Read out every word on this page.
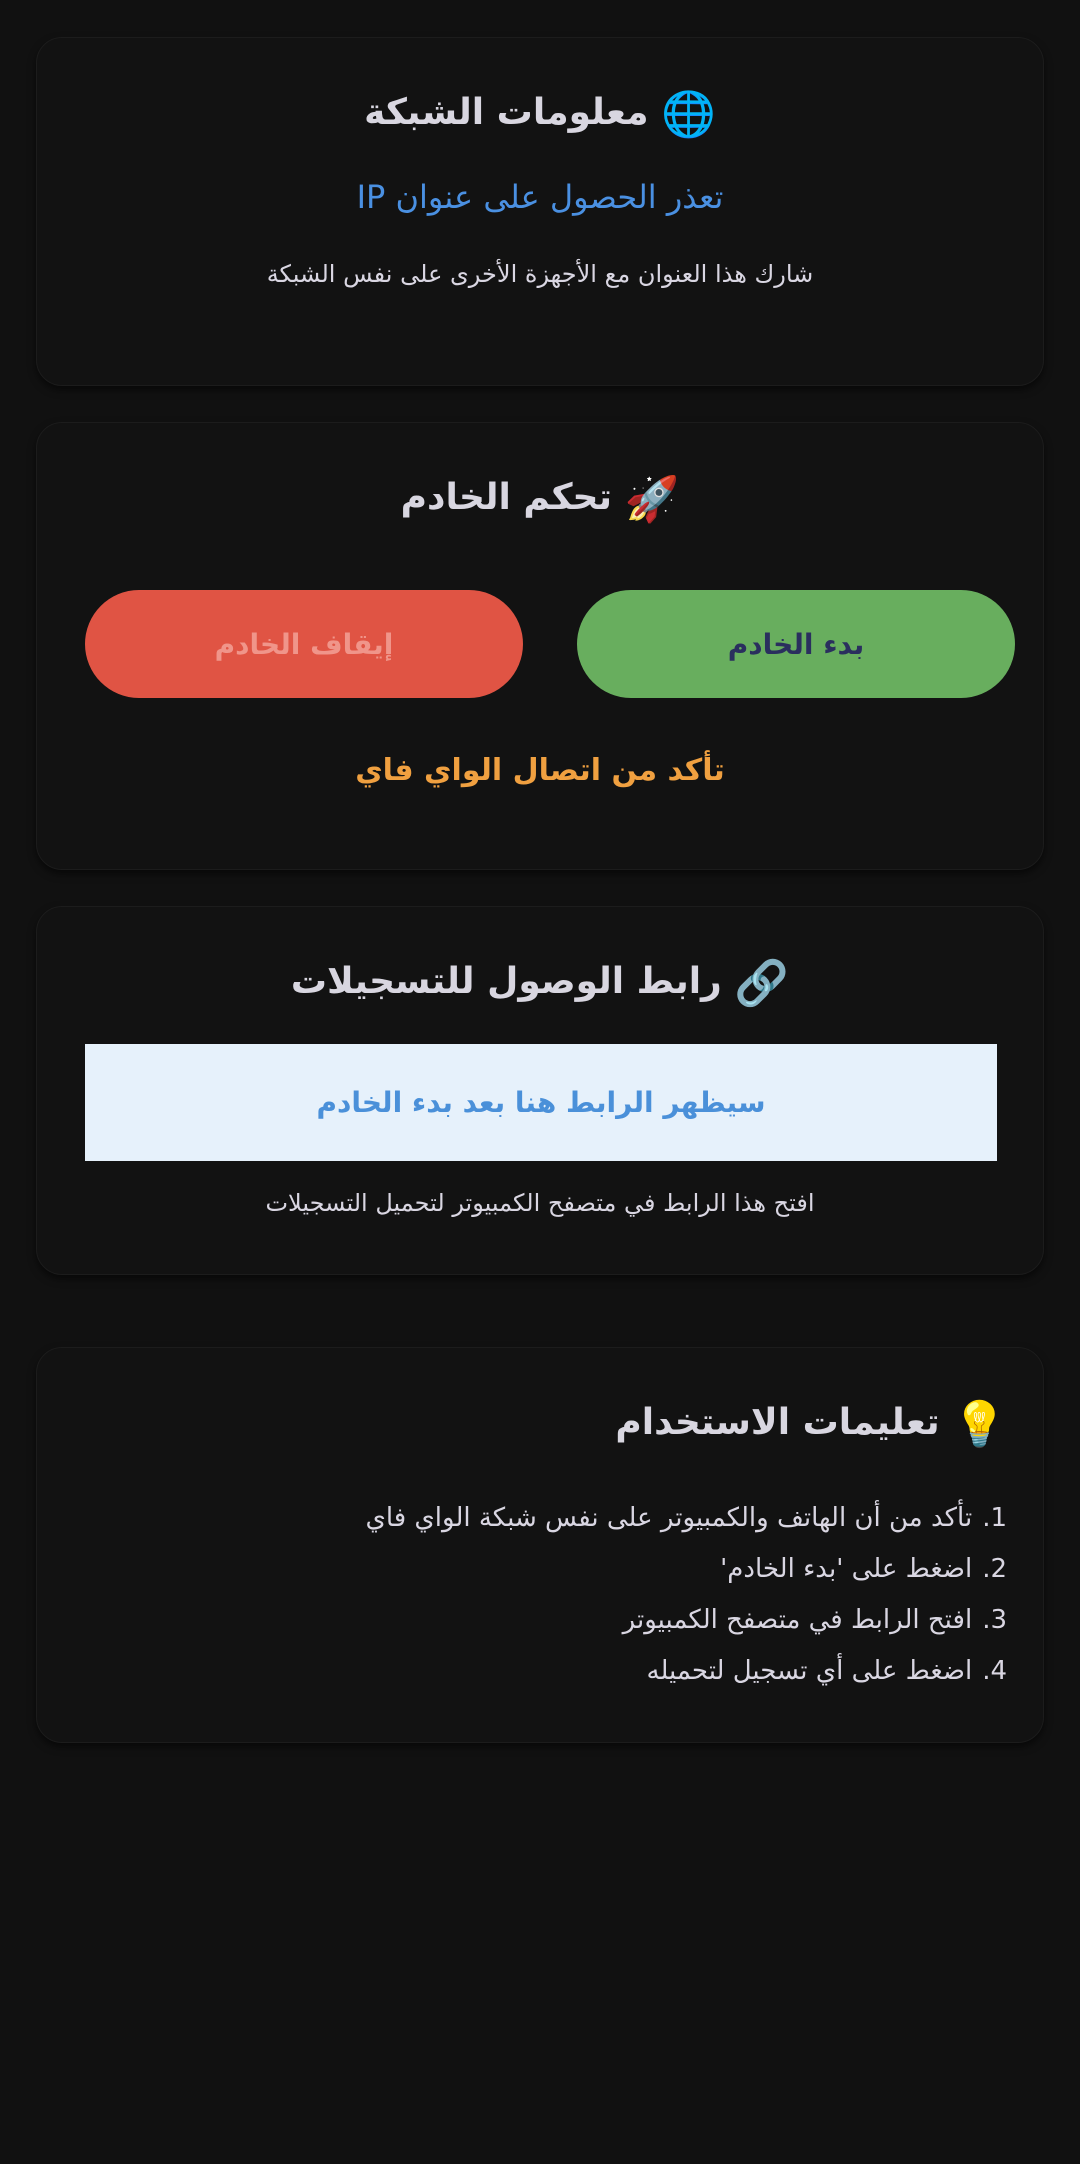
🌐 معلومات الشبكة
تعذر الحصول على عنوان IP
شارك هذا العنوان مع الأجهزة الأخرى على نفس الشبكة
🚀 تحكم الخادم
بدء الخادم
إيقاف الخادم
تأكد من اتصال الواي فاي
🔗 رابط الوصول للتسجيلات
سيظهر الرابط هنا بعد بدء الخادم
افتح هذا الرابط في متصفح الكمبيوتر لتحميل التسجيلات
💡 تعليمات الاستخدام
1.تأكد من أن الهاتف والكمبيوتر على نفس شبكة الواي فاي
2.اضغط على 'بدء الخادم'
3.افتح الرابط في متصفح الكمبيوتر
4.اضغط على أي تسجيل لتحميله
